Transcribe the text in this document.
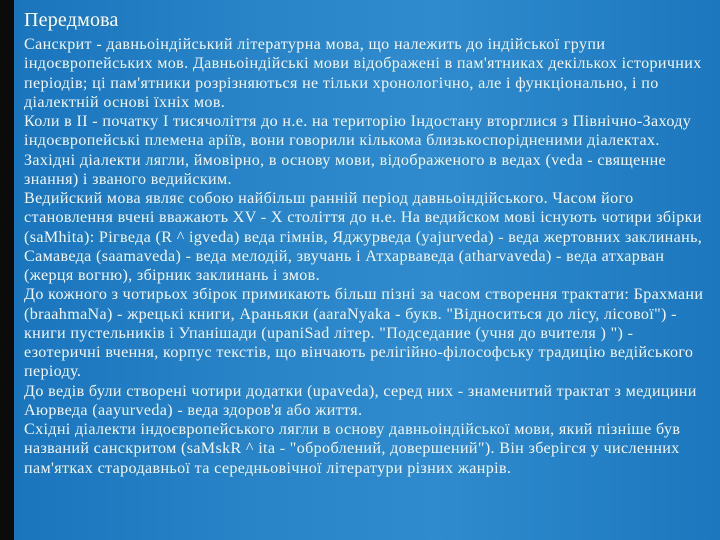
Передмова

Санскрит - давньоіндійський літературна мова, що належить до індійської групи індоєвропейських мов. Давньоіндійські мови відображені в пам'ятниках декількох історичних періодів; ці пам'ятники розрізняються не тільки хронологічно, але і функціонально, і по діалектній основі їхніх мов.

Коли в II - початку I тисячоліття до н.е. на територію Індостану вторглися з Північно-Заходу індоєвропейські племена аріїв, вони говорили кількома близькоспорідненими діалектах. Західні діалекти лягли, ймовірно, в основу мови, відображеного в ведах (veda - священне знання) і званого ведийским.

Ведийский мова являє собою найбільш ранній період давньоіндійського. Часом його становлення вчені вважають XV - X століття до н.е. На ведийском мові існують чотири збірки (saMhita): Рігведа (R ^ igveda) веда гімнів, Яджурведа (yajurveda) - веда жертовних заклинань, Самаведа (saamaveda) - веда мелодій, звучань і Атхарваведа (atharvaveda) - веда атхарван (жерця вогню), збірник заклинань і змов.

До кожного з чотирьох збірок примикають більш пізні за часом створення трактати: Брахмани (braahmaNa) - жрецькі книги, Араньяки (aaraNyaka - букв. "Відноситься до лісу, лісової") - книги пустельників і Упанішади (upaniSad літер. "Подседание (учня до вчителя ) ") - езотеричні вчення, корпус текстів, що вінчають релігійно-філософську традицію ведійського періоду.

До ведів були створені чотири додатки (upaveda), серед них - знаменитий трактат з медицини Аюрведа (aayurveda) - веда здоров'я або життя.

Східні діалекти індоєвропейського лягли в основу давньоіндійської мови, який пізніше був названий санскритом (saMskR ^ ita - "оброблений, довершений"). Він зберігся у численних пам'ятках стародавньої та середньовічної літератури різних жанрів.
